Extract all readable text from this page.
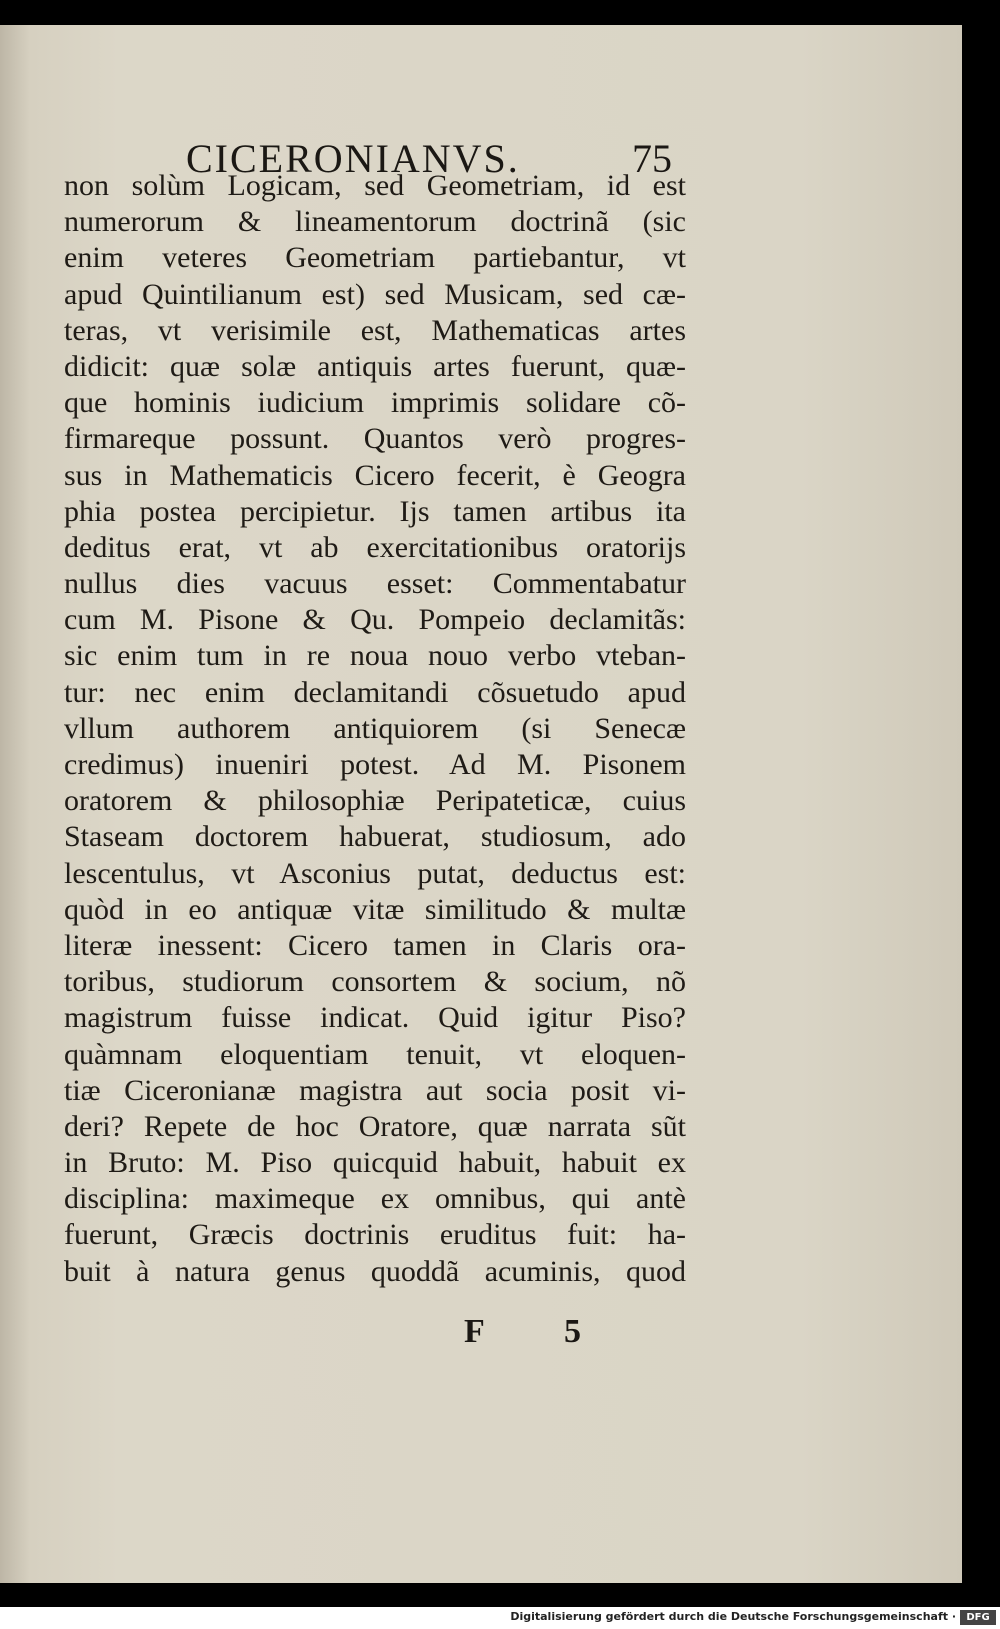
CICERONIANVS.	75
non solùm Logicam, sed Geometriam, id est
numerorum & lineamentorum doctrinã (sic
enim veteres Geometriam partiebantur, vt
apud Quintilianum est) sed Musicam, sed cæ-
teras, vt verisimile est, Mathematicas artes
didicit: quæ solæ antiquis artes fuerunt, quæ-
que hominis iudicium imprimis solidare cõ-
firmareque possunt. Quantos verò progres-
sus in Mathematicis Cicero fecerit, è Geogra
phia postea percipietur. Ijs tamen artibus ita
deditus erat, vt ab exercitationibus oratorijs
nullus dies vacuus esset: Commentabatur
cum M. Pisone & Qu. Pompeio declamitãs:
sic enim tum in re noua nouo verbo vteban-
tur: nec enim declamitandi cõsuetudo apud
vllum authorem antiquiorem (si Senecæ
credimus) inueniri potest. Ad M. Pisonem
oratorem & philosophiæ Peripateticæ, cuius
Staseam doctorem habuerat, studiosum, ado
lescentulus, vt Asconius putat, deductus est:
quòd in eo antiquæ vitæ similitudo & multæ
literæ inessent: Cicero tamen in Claris ora-
toribus, studiorum consortem & socium, nõ
magistrum fuisse indicat. Quid igitur Piso?
quàmnam eloquentiam tenuit, vt eloquen-
tiæ Ciceronianæ magistra aut socia posit vi-
deri? Repete de hoc Oratore, quæ narrata sũt
in Bruto: M. Piso quicquid habuit, habuit ex
disciplina: maximeque ex omnibus, qui antè
fuerunt, Græcis doctrinis eruditus fuit: ha-
buit à natura genus quoddã acuminis, quod
F 5
Digitalisierung gefördert durch die Deutsche Forschungsgemeinschaft ·	DFG
